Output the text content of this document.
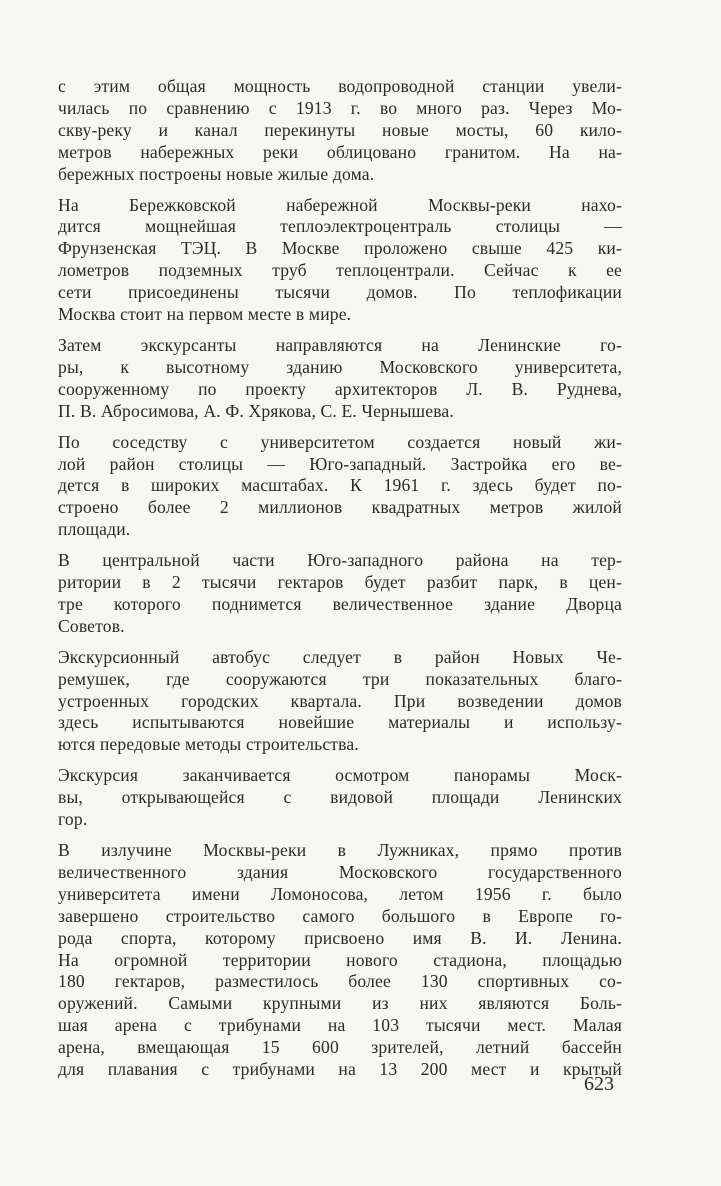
с этим общая мощность водопроводной станции увели-
чилась по сравнению с 1913 г. во много раз. Через Мо-
скву-реку и канал перекинуты новые мосты, 60 кило-
метров набережных реки облицовано гранитом. На на-
бережных построены новые жилые дома.
На Бережковской набережной Москвы-реки нахо-
дится мощнейшая теплоэлектроцентраль столицы —
Фрунзенская ТЭЦ. В Москве проложено свыше 425 ки-
лометров подземных труб теплоцентрали. Сейчас к ее
сети присоединены тысячи домов. По теплофикации
Москва стоит на первом месте в мире.
Затем экскурсанты направляются на Ленинские го-
ры, к высотному зданию Московского университета,
сооруженному по проекту архитекторов Л. В. Руднева,
П. В. Абросимова, А. Ф. Хрякова, С. Е. Чернышева.
По соседству с университетом создается новый жи-
лой район столицы — Юго-западный. Застройка его ве-
дется в широких масштабах. К 1961 г. здесь будет по-
строено более 2 миллионов квадратных метров жилой
площади.
В центральной части Юго-западного района на тер-
ритории в 2 тысячи гектаров будет разбит парк, в цен-
тре которого поднимется величественное здание Дворца
Советов.
Экскурсионный автобус следует в район Новых Че-
ремушек, где сооружаются три показательных благо-
устроенных городских квартала. При возведении домов
здесь испытываются новейшие материалы и использу-
ются передовые методы строительства.
Экскурсия заканчивается осмотром панорамы Моск-
вы, открывающейся с видовой площади Ленинских
гор.
В излучине Москвы-реки в Лужниках, прямо против
величественного здания Московского государственного
университета имени Ломоносова, летом 1956 г. было
завершено строительство самого большого в Европе го-
рода спорта, которому присвоено имя В. И. Ленина.
На огромной территории нового стадиона, площадью
180 гектаров, разместилось более 130 спортивных со-
оружений. Самыми крупными из них являются Боль-
шая арена с трибунами на 103 тысячи мест. Малая
арена, вмещающая 15 600 зрителей, летний бассейн
для плавания с трибунами на 13 200 мест и крытый
623
